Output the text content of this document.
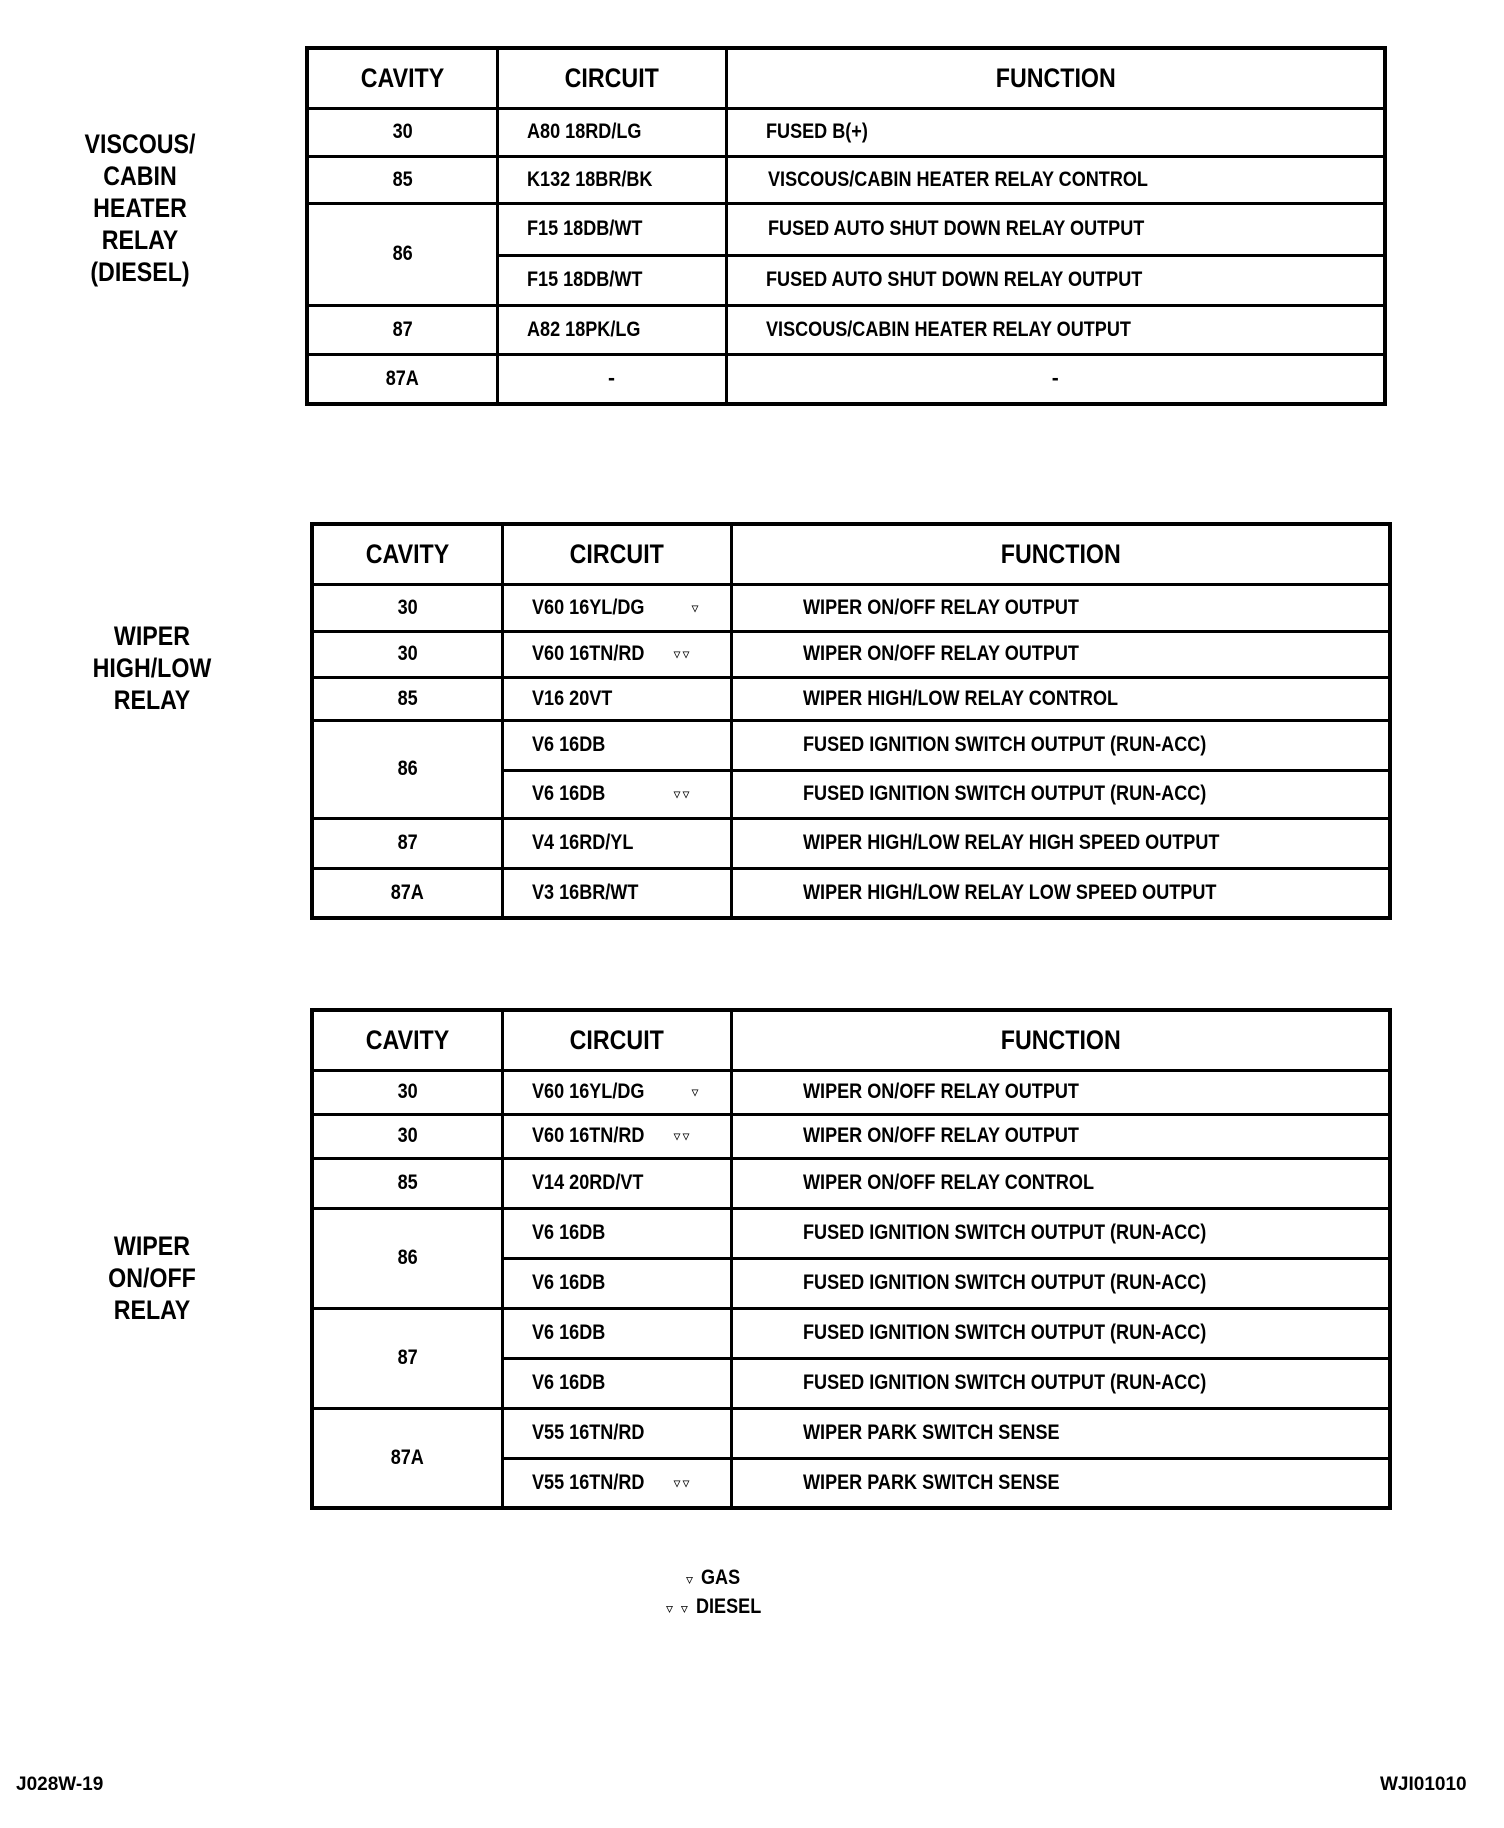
VISCOUS/
CABIN
HEATER
RELAY
(DIESEL)
WIPER
HIGH/LOW
RELAY
WIPER
ON/OFF
RELAY
CAVITY	CIRCUIT	FUNCTION
30	A80 18RD/LG	FUSED B(+)
85	K132 18BR/BK	VISCOUS/CABIN HEATER RELAY CONTROL
86	F15 18DB/WT	FUSED AUTO SHUT DOWN RELAY OUTPUT
	F15 18DB/WT	FUSED AUTO SHUT DOWN RELAY OUTPUT
87	A82 18PK/LG	VISCOUS/CABIN HEATER RELAY OUTPUT
87A	-	-
CAVITY	CIRCUIT	FUNCTION
30	V60 16YL/DG ▿	WIPER ON/OFF RELAY OUTPUT
30	V60 16TN/RD ▿▿	WIPER ON/OFF RELAY OUTPUT
85	V16 20VT	WIPER HIGH/LOW RELAY CONTROL
86	V6 16DB	FUSED IGNITION SWITCH OUTPUT (RUN-ACC)
	V6 16DB ▿▿	FUSED IGNITION SWITCH OUTPUT (RUN-ACC)
87	V4 16RD/YL	WIPER HIGH/LOW RELAY HIGH SPEED OUTPUT
87A	V3 16BR/WT	WIPER HIGH/LOW RELAY LOW SPEED OUTPUT
CAVITY	CIRCUIT	FUNCTION
30	V60 16YL/DG ▿	WIPER ON/OFF RELAY OUTPUT
30	V60 16TN/RD ▿▿	WIPER ON/OFF RELAY OUTPUT
85	V14 20RD/VT	WIPER ON/OFF RELAY CONTROL
86	V6 16DB	FUSED IGNITION SWITCH OUTPUT (RUN-ACC)
	V6 16DB	FUSED IGNITION SWITCH OUTPUT (RUN-ACC)
87	V6 16DB	FUSED IGNITION SWITCH OUTPUT (RUN-ACC)
	V6 16DB	FUSED IGNITION SWITCH OUTPUT (RUN-ACC)
87A	V55 16TN/RD	WIPER PARK SWITCH SENSE
	V55 16TN/RD ▿▿	WIPER PARK SWITCH SENSE
▿ GAS
▿ ▿ DIESEL
J028W-19	WJI01010
